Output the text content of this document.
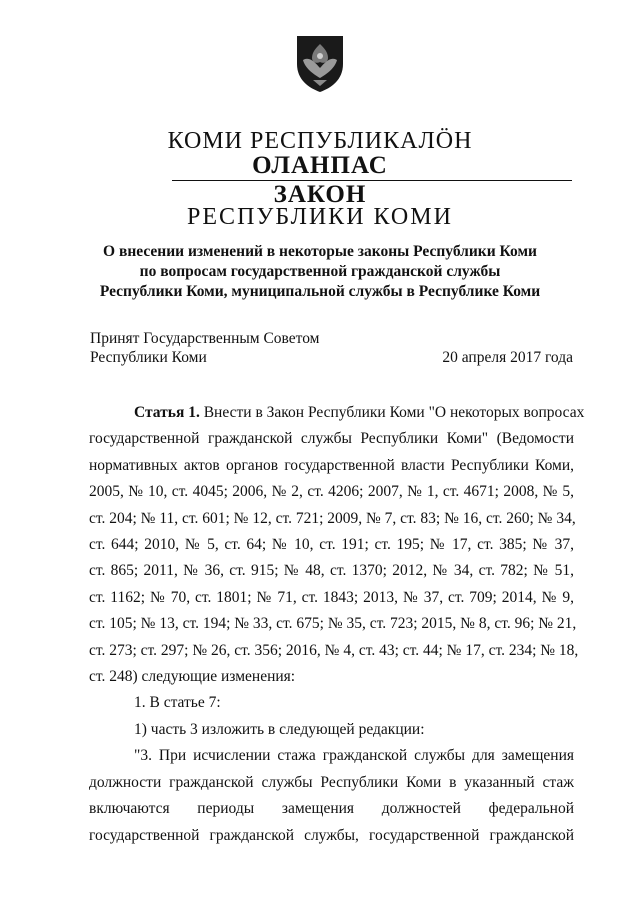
КОМИ РЕСПУБЛИКАЛÖН
ОЛАНПАС
ЗАКОН
РЕСПУБЛИКИ КОМИ
О внесении изменений в некоторые законы Республики Коми
по вопросам государственной гражданской службы
Республики Коми, муниципальной службы в Республике Коми
Принят Государственным Советом
Республики Коми	20 апреля 2017 года

Статья 1. Внести в Закон Республики Коми "О некоторых вопросах
государственной гражданской службы Республики Коми" (Ведомости
нормативных актов органов государственной власти Республики Коми,
2005, № 10, ст. 4045; 2006, № 2, ст. 4206; 2007, № 1, ст. 4671; 2008, № 5,
ст. 204; № 11, ст. 601; № 12, ст. 721; 2009, № 7, ст. 83; № 16, ст. 260; № 34,
ст. 644; 2010, № 5, ст. 64; № 10, ст. 191; ст. 195; № 17, ст. 385; № 37,
ст. 865; 2011, № 36, ст. 915; № 48, ст. 1370; 2012, № 34, ст. 782; № 51,
ст. 1162; № 70, ст. 1801; № 71, ст. 1843; 2013, № 37, ст. 709; 2014, № 9,
ст. 105; № 13, ст. 194; № 33, ст. 675; № 35, ст. 723; 2015, № 8, ст. 96; № 21,
ст. 273; ст. 297; № 26, ст. 356; 2016, № 4, ст. 43; ст. 44; № 17, ст. 234; № 18,
ст. 248) следующие изменения:

1. В статье 7:

1) часть 3 изложить в следующей редакции:

"3. При исчислении стажа гражданской службы для замещения
должности гражданской службы Республики Коми в указанный стаж
включаются периоды замещения должностей федеральной
государственной гражданской службы, государственной гражданской
